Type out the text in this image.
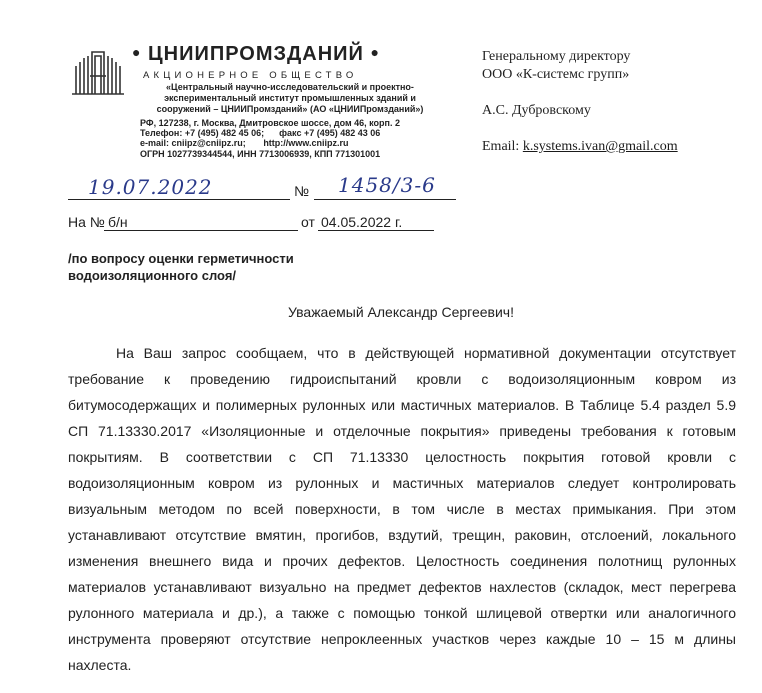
● ЦНИИПРОМЗДАНИЙ ●
АКЦИОНЕРНОЕ ОБЩЕСТВО
«Центральный научно-исследовательский и проектно-экспериментальный институт промышленных зданий и сооружений – ЦНИИПромзданий» (АО «ЦНИИПромзданий»)
РФ, 127238, г. Москва, Дмитровское шоссе, дом 46, корп. 2
Телефон: +7 (495) 482 45 06; факс +7 (495) 482 43 06
e-mail: cniipz@cniipz.ru; http://www.cniipz.ru
ОГРН 1027739344544, ИНН 7713006939, КПП 771301001
Генеральному директору
ООО «К-системс групп»
А.С. Дубровскому
Email: k.systems.ivan@gmail.com
19.07.2022	№ 1458/3-6
На № б/н	от 04.05.2022 г.
/по вопросу оценки герметичности водоизоляционного слоя/
Уважаемый Александр Сергеевич!

На Ваш запрос сообщаем, что в действующей нормативной документации отсутствует требование к проведению гидроиспытаний кровли с водоизоляционным ковром из битумосодержащих и полимерных рулонных или мастичных материалов. В Таблице 5.4 раздел 5.9 СП 71.13330.2017 «Изоляционные и отделочные покрытия» приведены требования к готовым покрытиям. В соответствии с СП 71.13330 целостность покрытия готовой кровли с водоизоляционным ковром из рулонных и мастичных материалов следует контролировать визуальным методом по всей поверхности, в том числе в местах примыкания. При этом устанавливают отсутствие вмятин, прогибов, вздутий, трещин, раковин, отслоений, локального изменения внешнего вида и прочих дефектов. Целостность соединения полотнищ рулонных материалов устанавливают визуально на предмет дефектов нахлестов (складок, мест перегрева рулонного материала и др.), а также с помощью тонкой шлицевой отвертки или аналогичного инструмента проверяют отсутствие непроклеенных участков через каждые 10 – 15 м длины нахлеста.
